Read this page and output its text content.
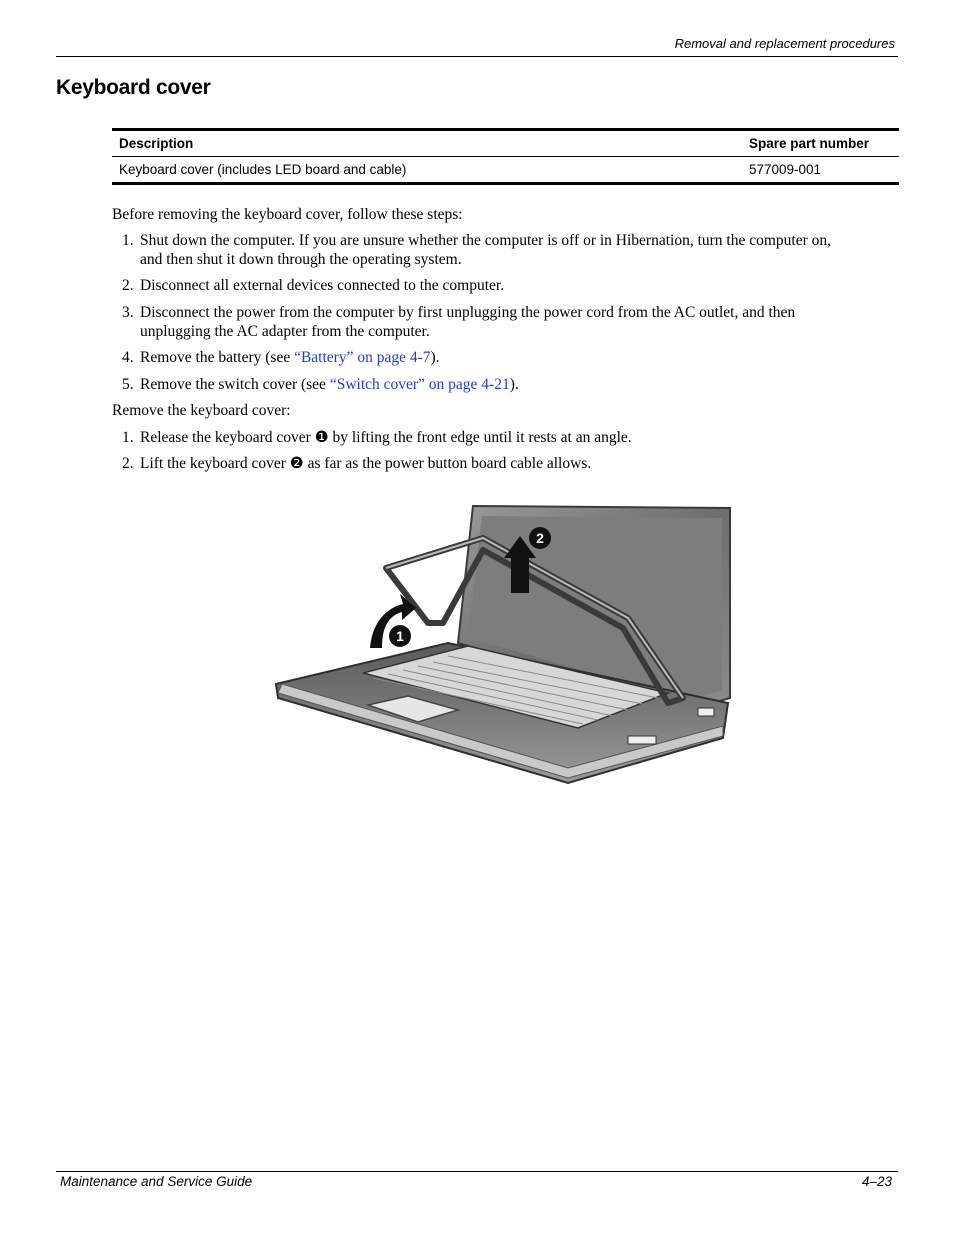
Removal and replacement procedures
Keyboard cover
Description	Spare part number
Keyboard cover (includes LED board and cable)	577009-001
Before removing the keyboard cover, follow these steps:
1. Shut down the computer. If you are unsure whether the computer is off or in Hibernation, turn the computer on,
and then shut it down through the operating system.
2. Disconnect all external devices connected to the computer.
3. Disconnect the power from the computer by first unplugging the power cord from the AC outlet, and then
unplugging the AC adapter from the computer.
4. Remove the battery (see “Battery” on page 4-7).
5. Remove the switch cover (see “Switch cover” on page 4-21).
Remove the keyboard cover:
1. Release the keyboard cover ❶ by lifting the front edge until it rests at an angle.
2. Lift the keyboard cover ❷ as far as the power button board cable allows.
1
2
Maintenance and Service Guide	4–23
